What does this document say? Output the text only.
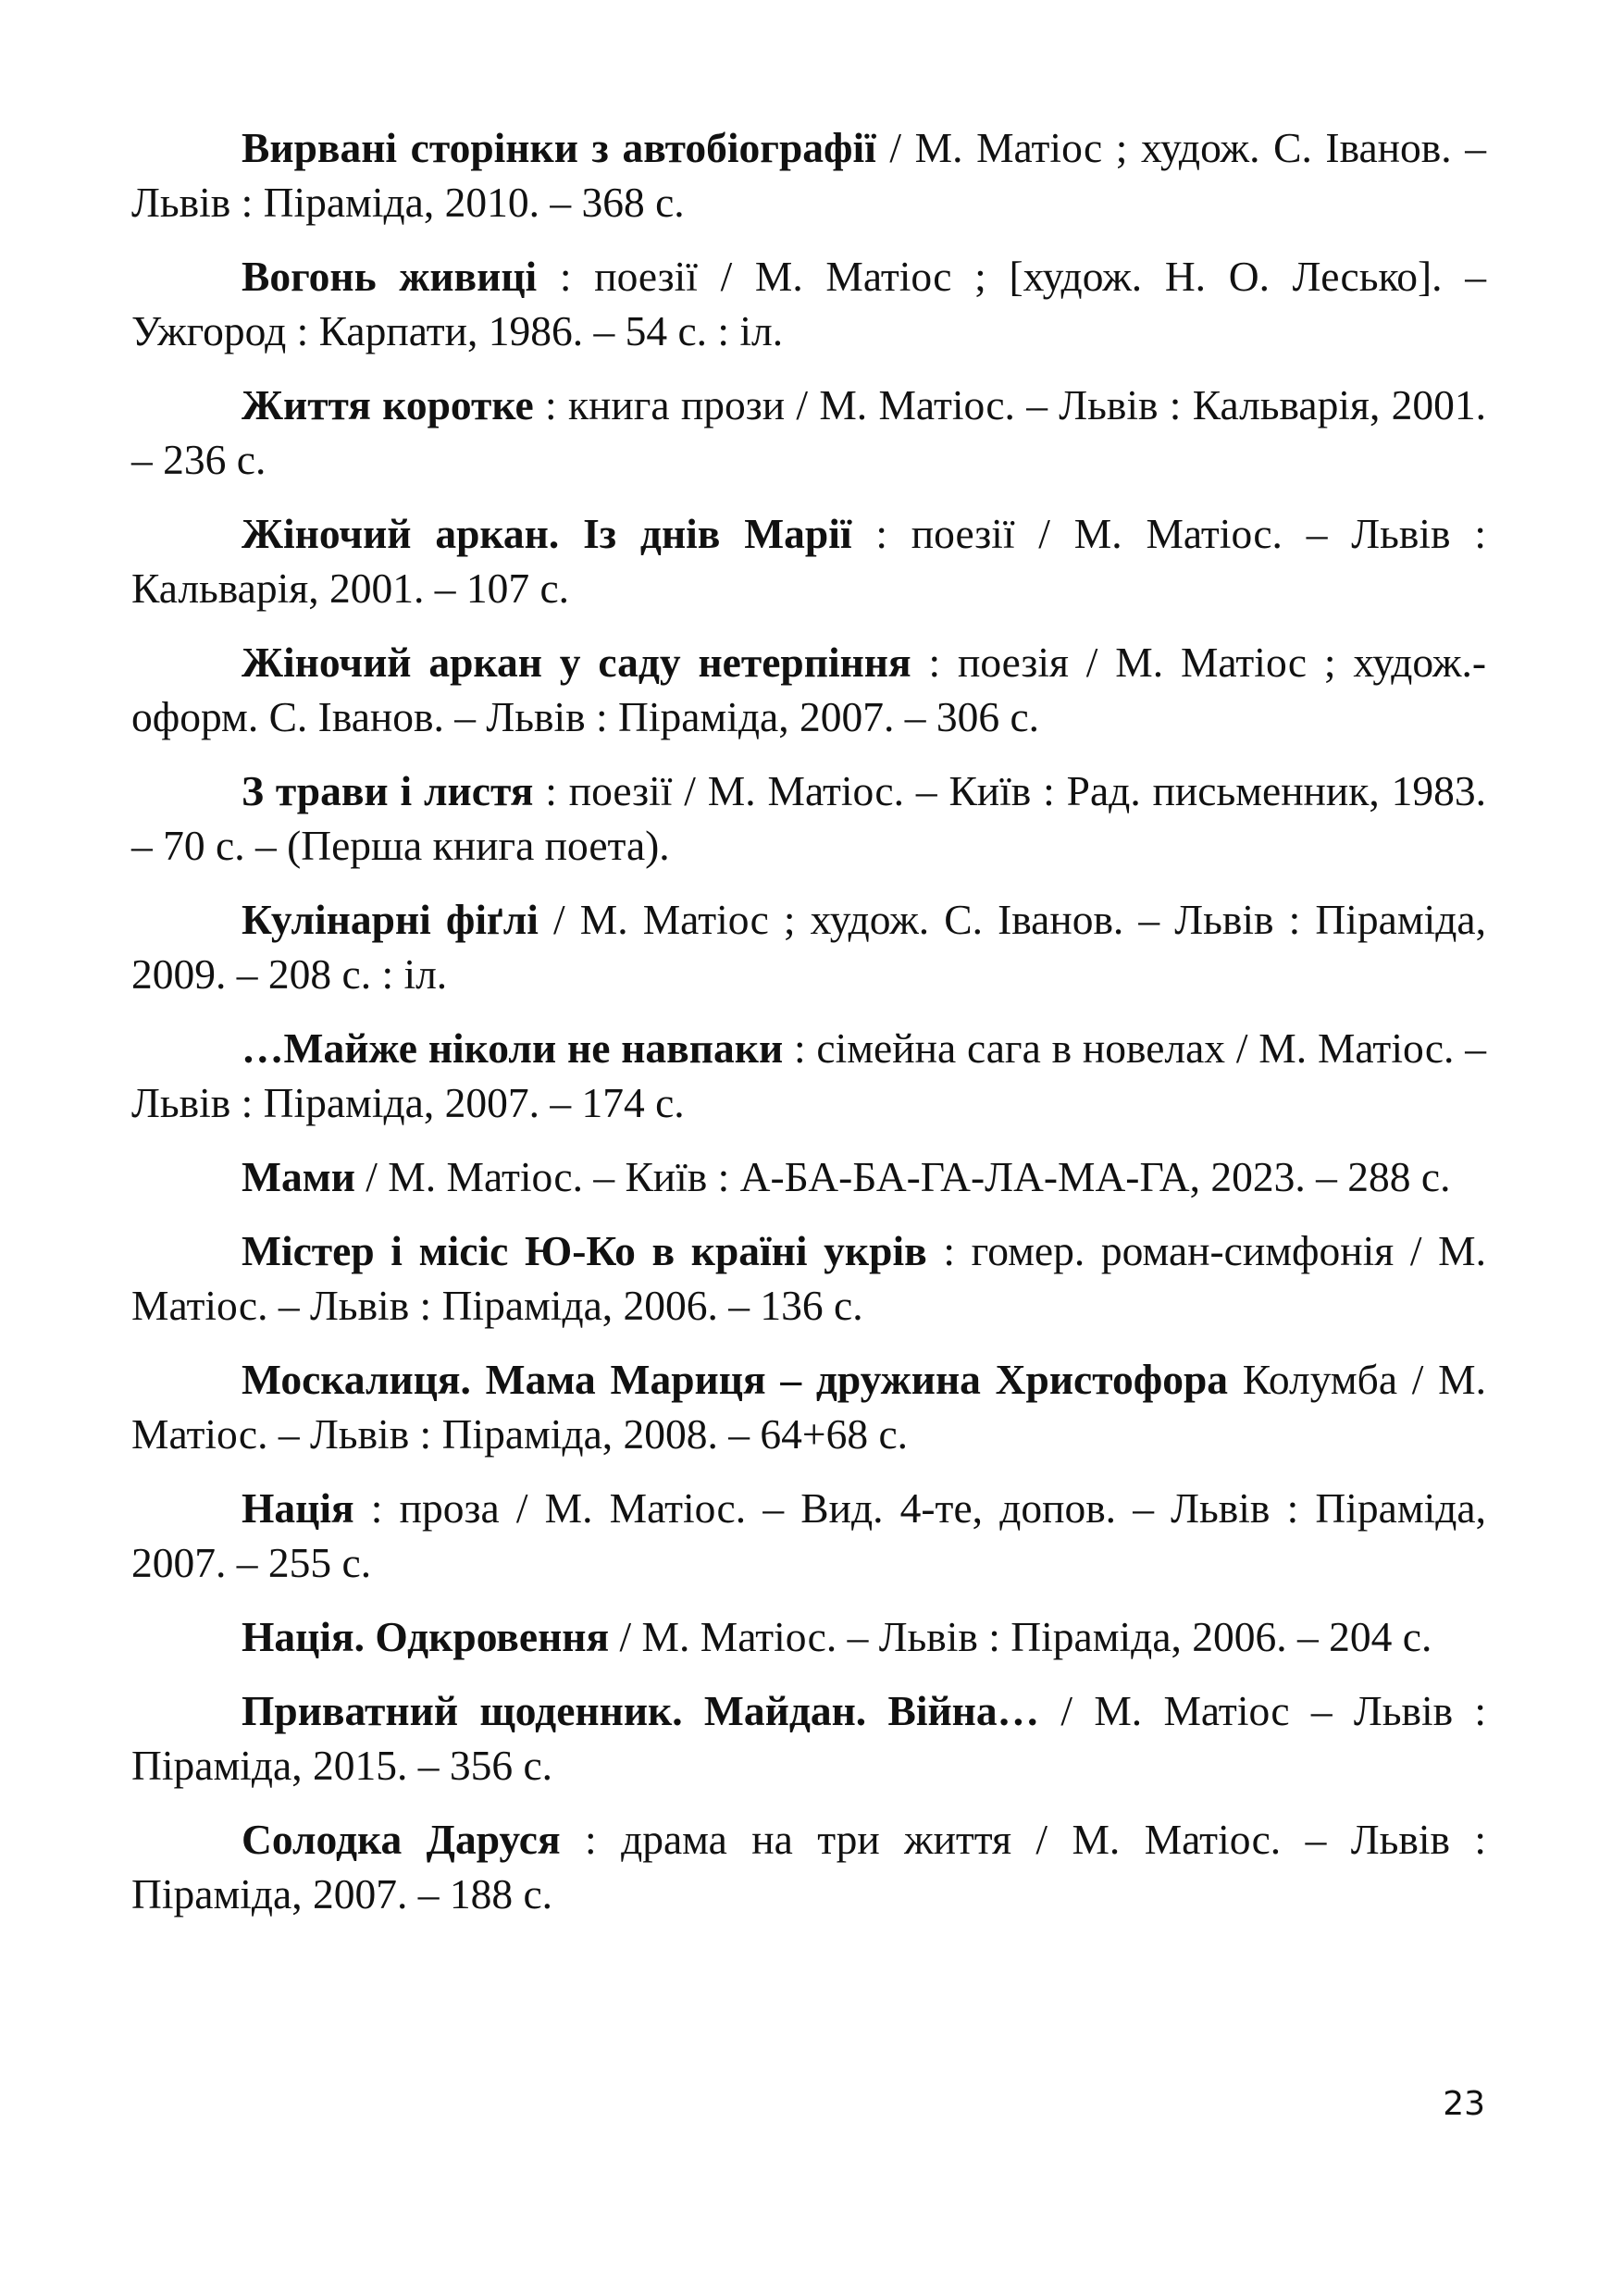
Вирвані сторінки з автобіографії / М. Матіос ; худож. С. Іванов. – Львів : Піраміда, 2010. – 368 с.

Вогонь живиці : поезії / М. Матіос ; [худож. Н. О. Лесько]. – Ужгород : Карпати, 1986. – 54 с. : іл.

Життя коротке : книга прози / М. Матіос. – Львів : Кальварія, 2001. – 236 с.

Жіночий аркан. Із днів Марії : поезії / М. Матіос. – Львів : Кальварія, 2001. – 107 с.

Жіночий аркан у саду нетерпіння : поезія / М. Матіос ; худож.-оформ. С. Іванов. – Львів : Піраміда, 2007. – 306 с.

З трави і листя : поезії / М. Матіос. – Київ : Рад. письменник, 1983. – 70 с. – (Перша книга поета).

Кулінарні фіґлі / М. Матіос ; худож. С. Іванов. – Львів : Піраміда, 2009. – 208 с. : іл.

…Майже ніколи не навпаки : сімейна сага в новелах / М. Матіос. – Львів : Піраміда, 2007. – 174 с.

Мами / М. Матіос. – Київ : А-БА-БА-ГА-ЛА-МА-ГА, 2023. – 288 с.

Містер і місіс Ю-Ко в країні укрів : гомер. роман-симфонія / М. Матіос. – Львів : Піраміда, 2006. – 136 с.

Москалиця. Мама Мариця – дружина Христофора Колумба / М. Матіос. – Львів : Піраміда, 2008. – 64+68 с.

Нація : проза / М. Матіос. – Вид. 4-те, допов. – Львів : Піраміда, 2007. – 255 с.

Нація. Одкровення / М. Матіос. – Львів : Піраміда, 2006. – 204 с.

Приватний щоденник. Майдан. Війна… / М. Матіос – Львів : Піраміда, 2015. – 356 с.

Солодка Даруся : драма на три життя / М. Матіос. – Львів : Піраміда, 2007. – 188 с.

23
